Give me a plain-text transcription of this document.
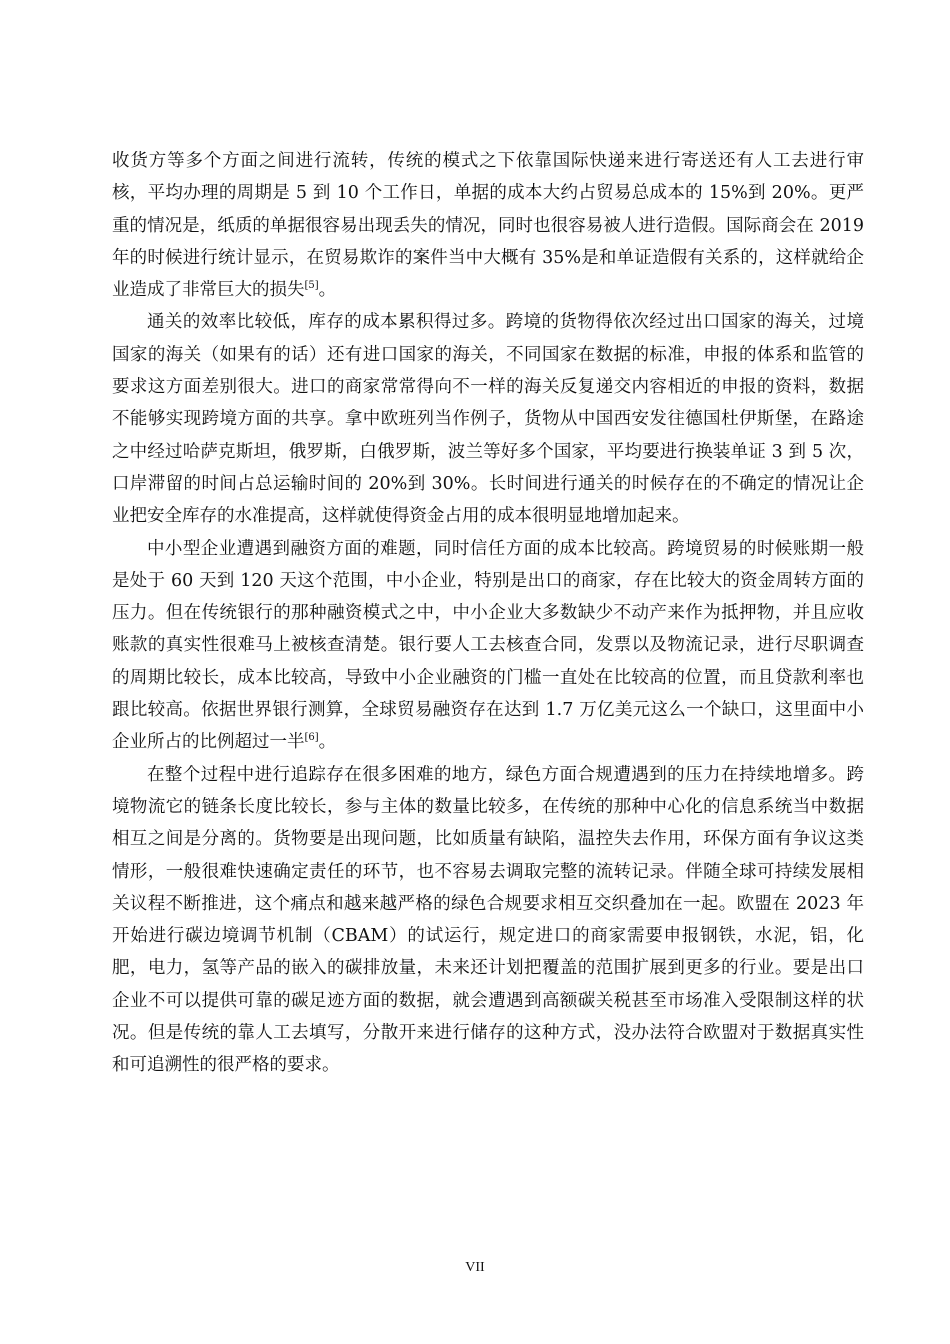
收货方等多个方面之间进行流转，传统的模式之下依靠国际快递来进行寄送还有人工去进行审核，平均办理的周期是 5 到 10 个工作日，单据的成本大约占贸易总成本的 15%到 20%。更严重的情况是，纸质的单据很容易出现丢失的情况，同时也很容易被人进行造假。国际商会在 2019 年的时候进行统计显示，在贸易欺诈的案件当中大概有 35%是和单证造假有关系的，这样就给企业造成了非常巨大的损失[5]。

通关的效率比较低，库存的成本累积得过多。跨境的货物得依次经过出口国家的海关，过境国家的海关（如果有的话）还有进口国家的海关，不同国家在数据的标准，申报的体系和监管的要求这方面差别很大。进口的商家常常得向不一样的海关反复递交内容相近的申报的资料，数据不能够实现跨境方面的共享。拿中欧班列当作例子，货物从中国西安发往德国杜伊斯堡，在路途之中经过哈萨克斯坦，俄罗斯，白俄罗斯，波兰等好多个国家，平均要进行换装单证 3 到 5 次，口岸滞留的时间占总运输时间的 20%到 30%。长时间进行通关的时候存在的不确定的情况让企业把安全库存的水准提高，这样就使得资金占用的成本很明显地增加起来。

中小型企业遭遇到融资方面的难题，同时信任方面的成本比较高。跨境贸易的时候账期一般是处于 60 天到 120 天这个范围，中小企业，特别是出口的商家，存在比较大的资金周转方面的压力。但在传统银行的那种融资模式之中，中小企业大多数缺少不动产来作为抵押物，并且应收账款的真实性很难马上被核查清楚。银行要人工去核查合同，发票以及物流记录，进行尽职调查的周期比较长，成本比较高，导致中小企业融资的门槛一直处在比较高的位置，而且贷款利率也跟比较高。依据世界银行测算，全球贸易融资存在达到 1.7 万亿美元这么一个缺口，这里面中小企业所占的比例超过一半[6]。

在整个过程中进行追踪存在很多困难的地方，绿色方面合规遭遇到的压力在持续地增多。跨境物流它的链条长度比较长，参与主体的数量比较多，在传统的那种中心化的信息系统当中数据相互之间是分离的。货物要是出现问题，比如质量有缺陷，温控失去作用，环保方面有争议这类情形，一般很难快速确定责任的环节，也不容易去调取完整的流转记录。伴随全球可持续发展相关议程不断推进，这个痛点和越来越严格的绿色合规要求相互交织叠加在一起。欧盟在 2023 年开始进行碳边境调节机制（CBAM）的试运行，规定进口的商家需要申报钢铁，水泥，铝，化肥，电力，氢等产品的嵌入的碳排放量，未来还计划把覆盖的范围扩展到更多的行业。要是出口企业不可以提供可靠的碳足迹方面的数据，就会遭遇到高额碳关税甚至市场准入受限制这样的状况。但是传统的靠人工去填写，分散开来进行储存的这种方式，没办法符合欧盟对于数据真实性和可追溯性的很严格的要求。

VII
